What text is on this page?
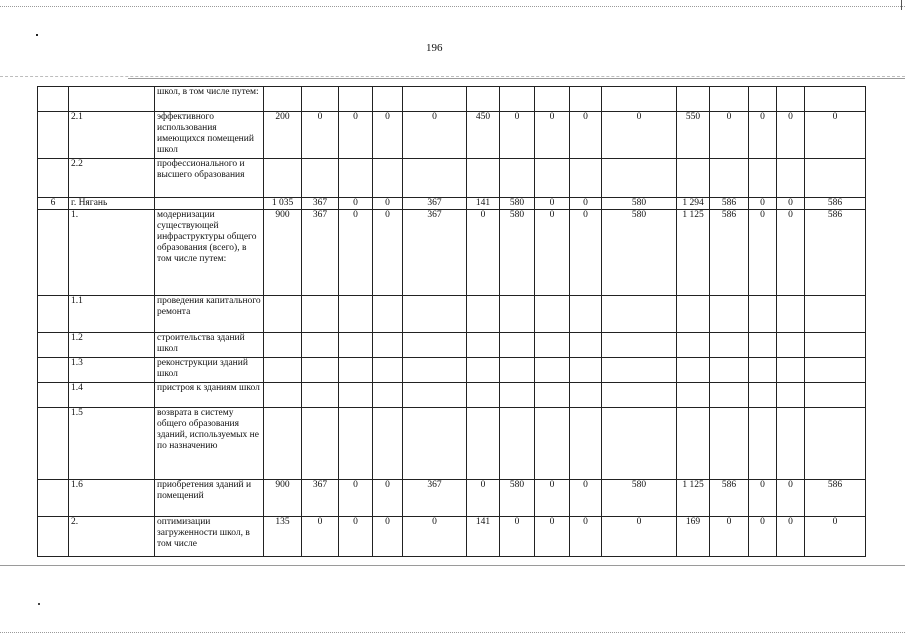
196
		школ, в том числе путем:															
	2.1	эффективного использования имеющихся помещений школ	200	0	0	0	0	450	0	0	0	0	550	0	0	0	0
	2.2	профессионального и высшего образования															
6	г. Нягань		1 035	367	0	0	367	141	580	0	0	580	1 294	586	0	0	586
	1.	модернизации существующей инфраструктуры общего образования (всего), в том числе путем:	900	367	0	0	367	0	580	0	0	580	1 125	586	0	0	586
	1.1	проведения капитального ремонта															
	1.2	строительства зданий школ															
	1.3	реконструкции зданий школ															
	1.4	пристроя к зданиям школ															
	1.5	возврата в систему общего образования зданий, используемых не по назначению															
	1.6	приобретения зданий и помещений	900	367	0	0	367	0	580	0	0	580	1 125	586	0	0	586
	2.	оптимизации загруженности школ, в том числе	135	0	0	0	0	141	0	0	0	0	169	0	0	0	0
